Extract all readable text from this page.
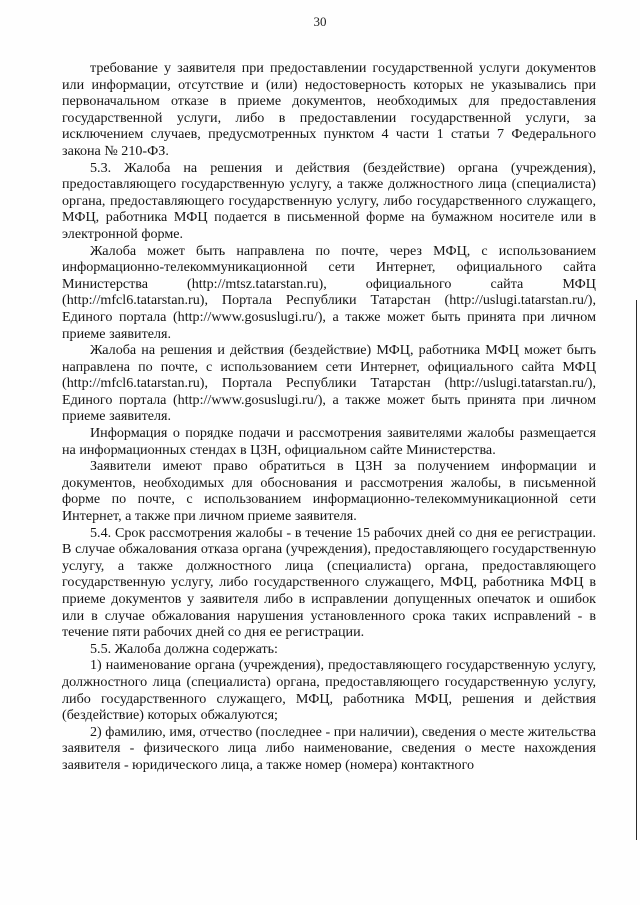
30

требование у заявителя при предоставлении государственной услуги документов или информации, отсутствие и (или) недостоверность которых не указывались при первоначальном отказе в приеме документов, необходимых для предоставления государственной услуги, либо в предоставлении государственной услуги, за исключением случаев, предусмотренных пунктом 4 части 1 статьи 7 Федерального закона № 210-ФЗ.

5.3. Жалоба на решения и действия (бездействие) органа (учреждения), предоставляющего государственную услугу, а также должностного лица (специалиста) органа, предоставляющего государственную услугу, либо государственного служащего, МФЦ, работника МФЦ подается в письменной форме на бумажном носителе или в электронной форме.

Жалоба может быть направлена по почте, через МФЦ, с использованием информационно-телекоммуникационной сети Интернет, официального сайта Министерства (http://mtsz.tatarstan.ru), официального сайта МФЦ (http://mfcl6.tatarstan.ru), Портала Республики Татарстан (http://uslugi.tatarstan.ru/), Единого портала (http://www.gosuslugi.ru/), а также может быть принята при личном приеме заявителя.

Жалоба на решения и действия (бездействие) МФЦ, работника МФЦ может быть направлена по почте, с использованием сети Интернет, официального сайта МФЦ (http://mfcl6.tatarstan.ru), Портала Республики Татарстан (http://uslugi.tatarstan.ru/), Единого портала (http://www.gosuslugi.ru/), а также может быть принята при личном приеме заявителя.

Информация о порядке подачи и рассмотрения заявителями жалобы размещается на информационных стендах в ЦЗН, официальном сайте Министерства.

Заявители имеют право обратиться в ЦЗН за получением информации и документов, необходимых для обоснования и рассмотрения жалобы, в письменной форме по почте, с использованием информационно-телекоммуникационной сети Интернет, а также при личном приеме заявителя.

5.4. Срок рассмотрения жалобы - в течение 15 рабочих дней со дня ее регистрации. В случае обжалования отказа органа (учреждения), предоставляющего государственную услугу, а также должностного лица (специалиста) органа, предоставляющего государственную услугу, либо государственного служащего, МФЦ, работника МФЦ в приеме документов у заявителя либо в исправлении допущенных опечаток и ошибок или в случае обжалования нарушения установленного срока таких исправлений - в течение пяти рабочих дней со дня ее регистрации.

5.5. Жалоба должна содержать:

1) наименование органа (учреждения), предоставляющего государственную услугу, должностного лица (специалиста) органа, предоставляющего государственную услугу, либо государственного служащего, МФЦ, работника МФЦ, решения и действия (бездействие) которых обжалуются;

2) фамилию, имя, отчество (последнее - при наличии), сведения о месте жительства заявителя - физического лица либо наименование, сведения о месте нахождения заявителя - юридического лица, а также номер (номера) контактного
